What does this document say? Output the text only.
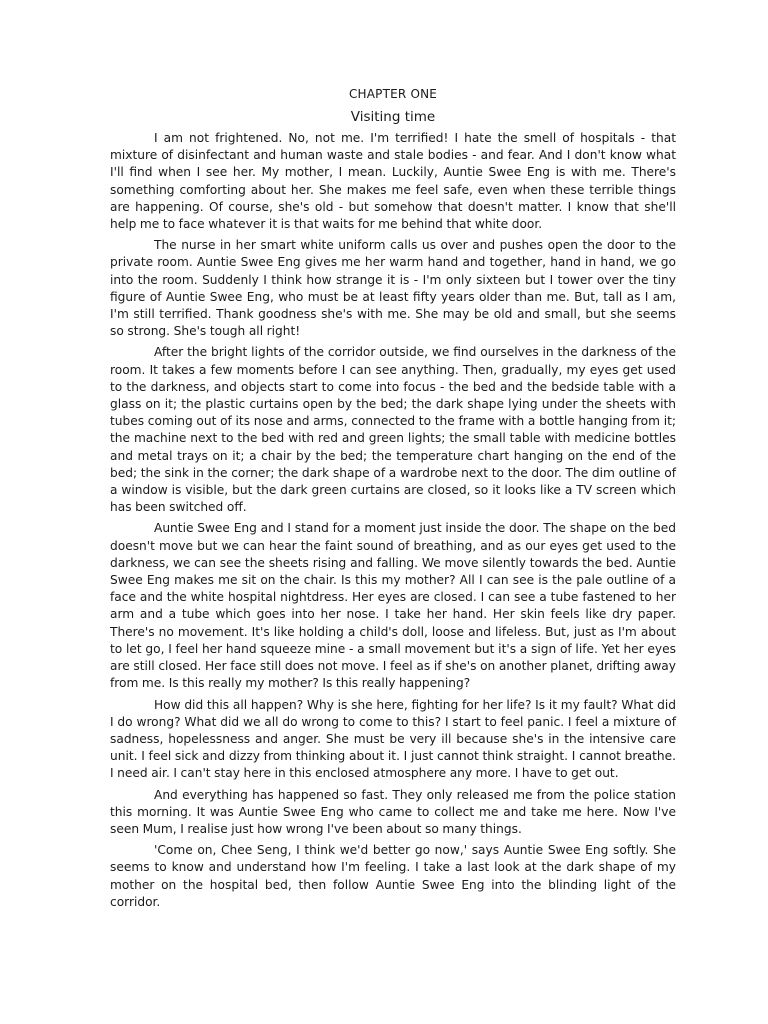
CHAPTER ONE

Visiting time

I am not frightened. No, not me. I'm terrified! I hate the smell of hospitals - that mixture of disinfectant and human waste and stale bodies - and fear. And I don't know what I'll find when I see her. My mother, I mean. Luckily, Auntie Swee Eng is with me. There's something comforting about her. She makes me feel safe, even when these terrible things are happening. Of course, she's old - but somehow that doesn't matter. I know that she'll help me to face whatever it is that waits for me behind that white door.

The nurse in her smart white uniform calls us over and pushes open the door to the private room. Auntie Swee Eng gives me her warm hand and together, hand in hand, we go into the room. Suddenly I think how strange it is - I'm only sixteen but I tower over the tiny figure of Auntie Swee Eng, who must be at least fifty years older than me. But, tall as I am, I'm still terrified. Thank goodness she's with me. She may be old and small, but she seems so strong. She's tough all right!

After the bright lights of the corridor outside, we find ourselves in the darkness of the room. It takes a few moments before I can see anything. Then, gradually, my eyes get used to the darkness, and objects start to come into focus - the bed and the bedside table with a glass on it; the plastic curtains open by the bed; the dark shape lying under the sheets with tubes coming out of its nose and arms, connected to the frame with a bottle hanging from it; the machine next to the bed with red and green lights; the small table with medicine bottles and metal trays on it; a chair by the bed; the temperature chart hanging on the end of the bed; the sink in the corner; the dark shape of a wardrobe next to the door. The dim outline of a window is visible, but the dark green curtains are closed, so it looks like a TV screen which has been switched off.

Auntie Swee Eng and I stand for a moment just inside the door. The shape on the bed doesn't move but we can hear the faint sound of breathing, and as our eyes get used to the darkness, we can see the sheets rising and falling. We move silently towards the bed. Auntie Swee Eng makes me sit on the chair. Is this my mother? All I can see is the pale outline of a face and the white hospital nightdress. Her eyes are closed. I can see a tube fastened to her arm and a tube which goes into her nose. I take her hand. Her skin feels like dry paper. There's no movement. It's like holding a child's doll, loose and lifeless. But, just as I'm about to let go, I feel her hand squeeze mine - a small movement but it's a sign of life. Yet her eyes are still closed. Her face still does not move. I feel as if she's on another planet, drifting away from me. Is this really my mother? Is this really happening?

How did this all happen? Why is she here, fighting for her life? Is it my fault? What did I do wrong? What did we all do wrong to come to this? I start to feel panic. I feel a mixture of sadness, hopelessness and anger. She must be very ill because she's in the intensive care unit. I feel sick and dizzy from thinking about it. I just cannot think straight. I cannot breathe. I need air. I can't stay here in this enclosed atmosphere any more. I have to get out.

And everything has happened so fast. They only released me from the police station this morning. It was Auntie Swee Eng who came to collect me and take me here. Now I've seen Mum, I realise just how wrong I've been about so many things.

'Come on, Chee Seng, I think we'd better go now,' says Auntie Swee Eng softly. She seems to know and understand how I'm feeling. I take a last look at the dark shape of my mother on the hospital bed, then follow Auntie Swee Eng into the blinding light of the corridor.
